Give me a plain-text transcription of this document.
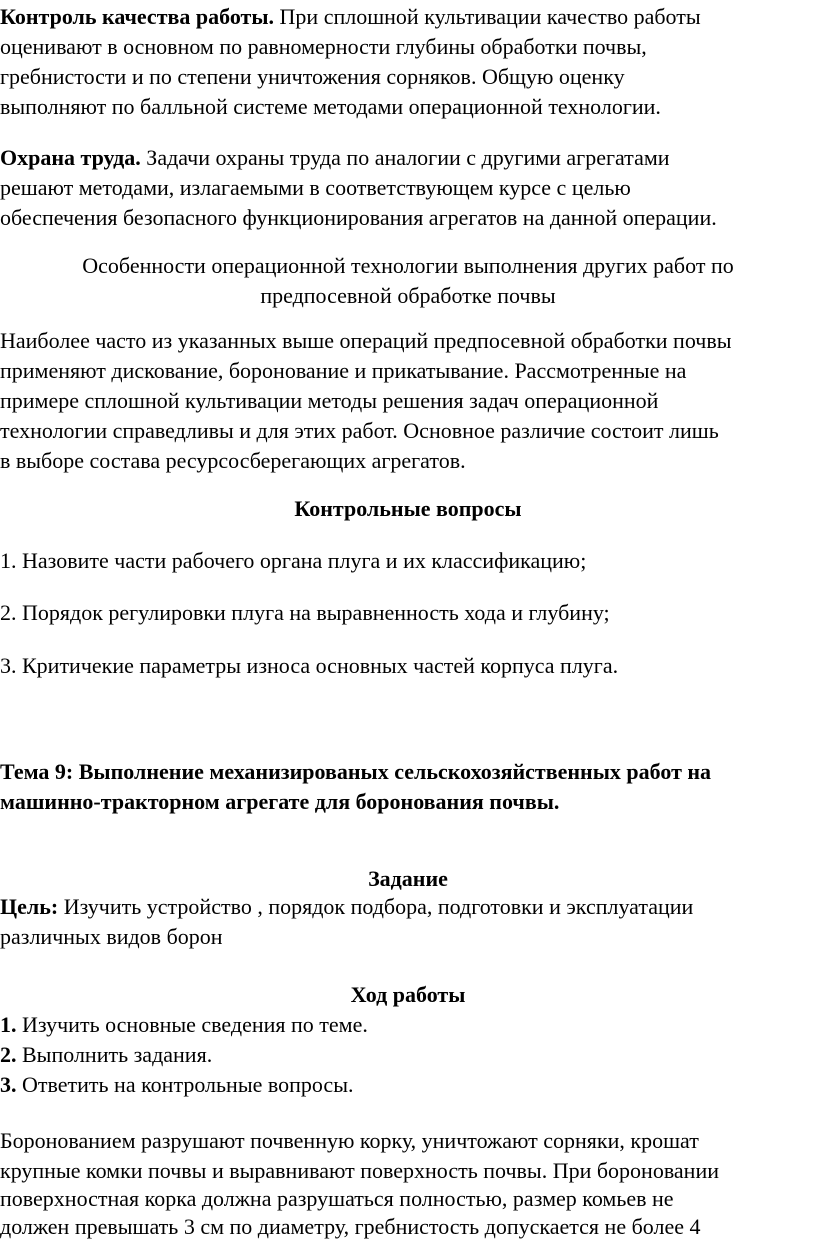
Контроль качества работы. При сплошной культивации качество работы

оценивают в основном по равномерности глубины обработки почвы,

гребнистости и по степени уничтожения сорняков. Общую оценку

выполняют по балльной системе методами операционной технологии.

Охрана труда. Задачи охраны труда по аналогии с другими агрегатами

решают методами, излагаемыми в соответствующем курсе с целью

обеспечения безопасного функционирования агрегатов на данной операции.

Особенности операционной технологии выполнения других работ по

предпосевной обработке почвы

Наиболее часто из указанных выше операций предпосевной обработки почвы

применяют дискование, боронование и прикатывание. Рассмотренные на

примере сплошной культивации методы решения задач операционной

технологии справедливы и для этих работ. Основное различие состоит лишь

в выборе состава ресурсосберегающих агрегатов.

Контрольные вопросы

1. Назовите части рабочего органа плуга и их классификацию;

2. Порядок регулировки плуга на выравненность хода и глубину;

3. Критичекие параметры износа основных частей корпуса плуга.

Тема 9: Выполнение механизированых сельскохозяйственных работ на

машинно-тракторном агрегате для боронования почвы.

Задание

Цель: Изучить устройство , порядок подбора, подготовки и эксплуатации

различных видов борон

Ход работы

1. Изучить основные сведения по теме.

2. Выполнить задания.

3. Ответить на контрольные вопросы.

Боронованием разрушают почвенную корку, уничтожают сорняки, крошат

крупные комки почвы и выравнивают поверхность почвы. При бороновании

поверхностная корка должна разрушаться полностью, размер комьев не

должен превышать 3 см по диаметру, гребнистость допускается не более 4
